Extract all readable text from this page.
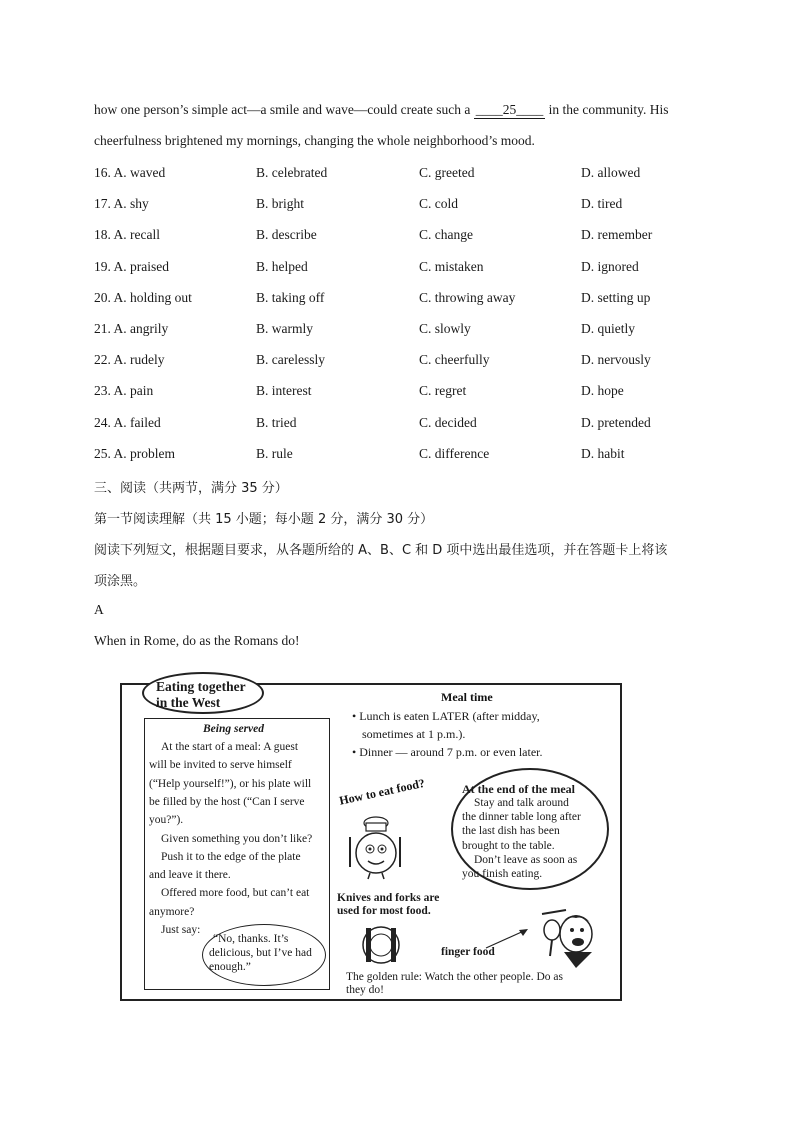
how one person’s simple act—a smile and wave—could create such a ____25____ in the community. His
cheerfulness brightened my mornings, changing the whole neighborhood’s mood.
16. A. waved	B. celebrated	C. greeted	D. allowed
17. A. shy	B. bright	C. cold	D. tired
18. A. recall	B. describe	C. change	D. remember
19. A. praised	B. helped	C. mistaken	D. ignored
20. A. holding out	B. taking off	C. throwing away	D. setting up
21. A. angrily	B. warmly	C. slowly	D. quietly
22. A. rudely	B. carelessly	C. cheerfully	D. nervously
23. A. pain	B. interest	C. regret	D. hope
24. A. failed	B. tried	C. decided	D. pretended
25. A. problem	B. rule	C. difference	D. habit
三、阅读（共两节，满分 35 分）
第一节阅读理解（共 15 小题；每小题 2 分，满分 30 分）
阅读下列短文，根据题目要求，从各题所给的 A、B、C 和 D 项中选出最佳选项，并在答题卡上将该
项涂黑。
A
When in Rome, do as the Romans do!
Eating together
in the West
Being served
At the start of a meal: A guest
will be invited to serve himself
(“Help yourself!”), or his plate will
be filled by the host (“Can I serve
you?”).
Given something you don’t like?
Push it to the edge of the plate
and leave it there.
Offered more food, but can’t eat
anymore?
Just say:
“No, thanks. It’s
delicious, but I’ve had
enough.”
Meal time
• Lunch is eaten LATER (after midday,
sometimes at 1 p.m.).
• Dinner — around 7 p.m. or even later.
How to eat food?	At the end of the meal
Stay and talk around
the dinner table long after
the last dish has been
brought to the table.
Don’t leave as soon as
you finish eating.
Knives and forks are
used for most food.
finger food
The golden rule: Watch the other people. Do as
they do!
